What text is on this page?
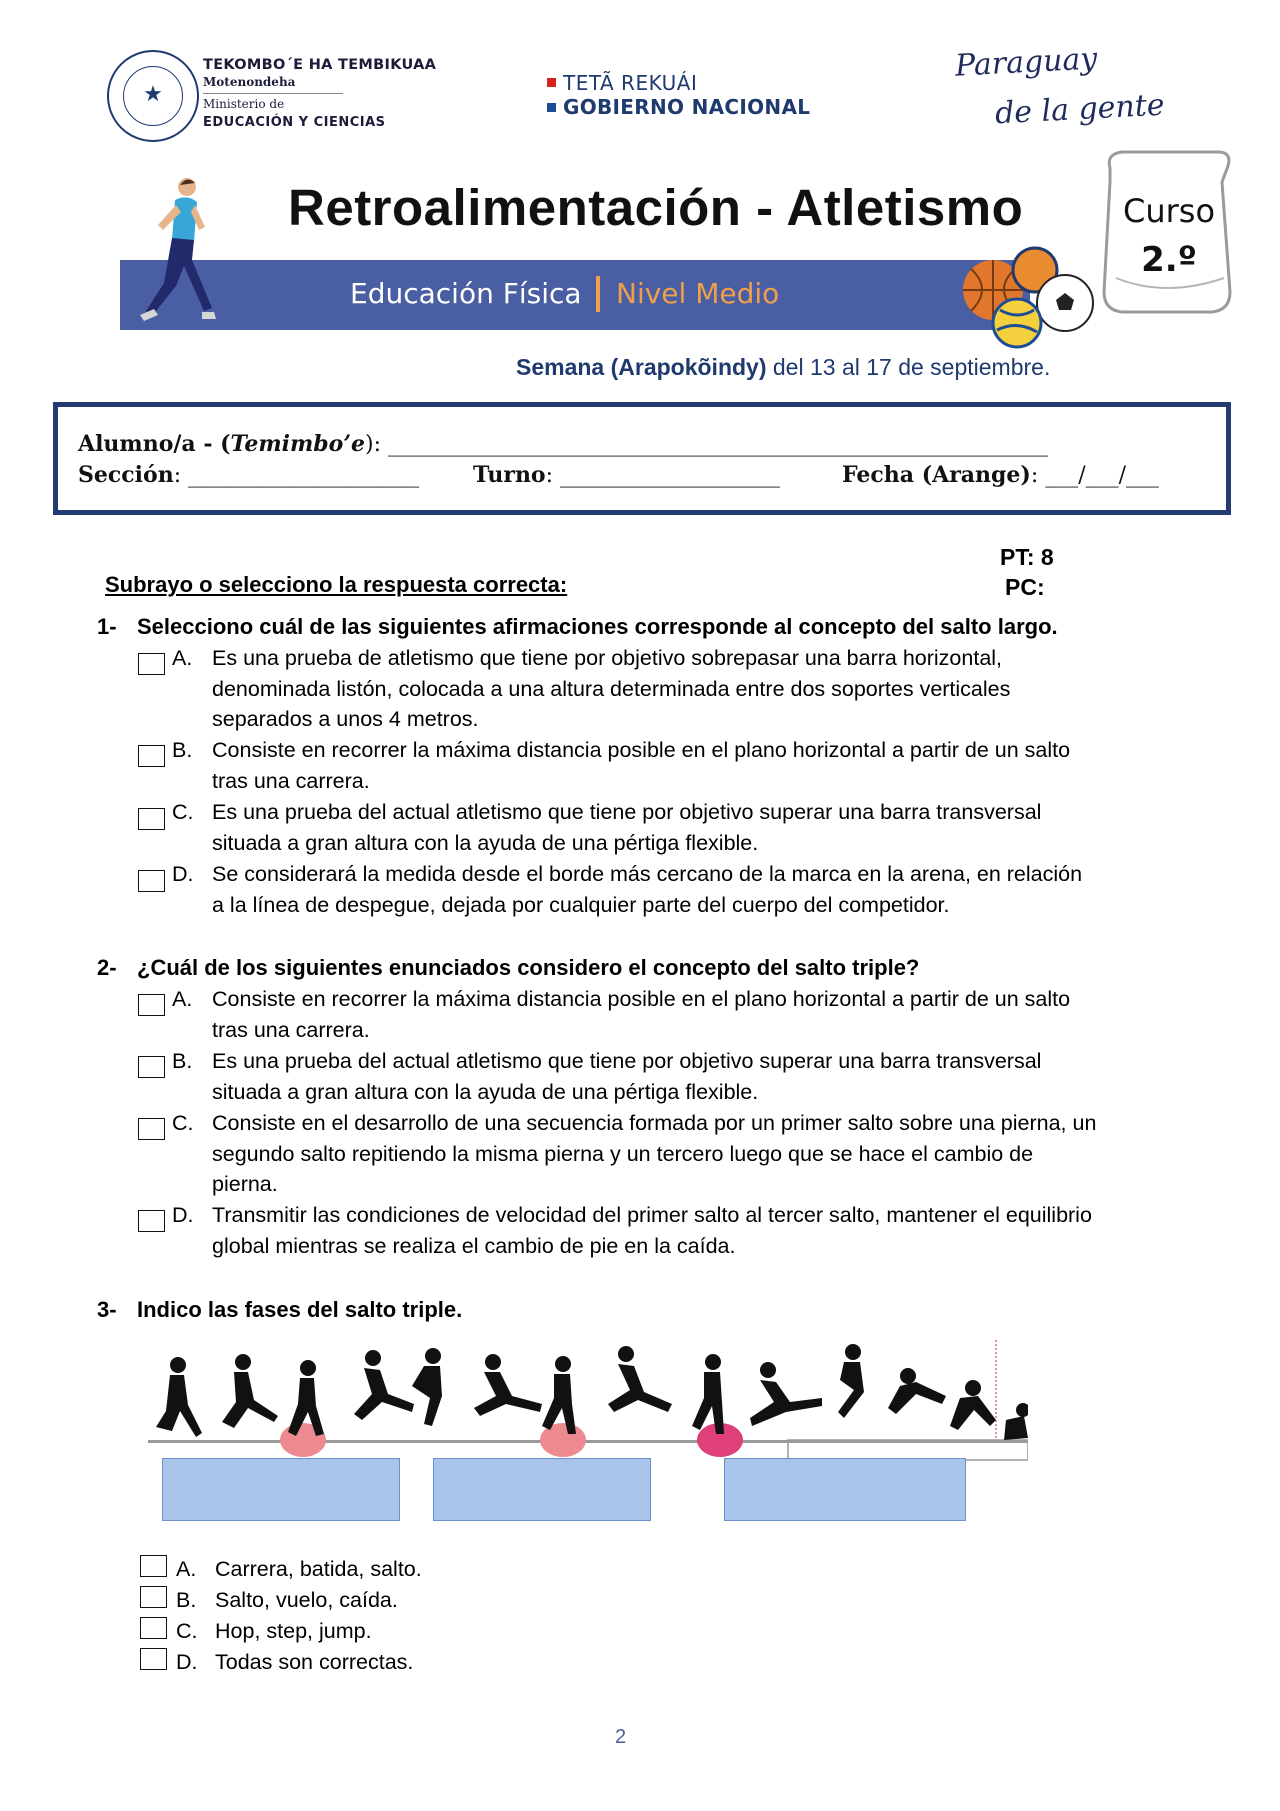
★
TEKOMBO´E HA TEMBIKUAA
Motenondeha
Ministerio de
EDUCACIÓN Y CIENCIAS
TETÃ REKUÁI
GOBIERNO NACIONAL
Paraguay
de la gente
Retroalimentación - Atletismo
Educación Física Nivel Medio
Curso
2.º
Semana (Arapokõindy) del 13 al 17 de septiembre.
Alumno/a - (Temimbo’e): ____________________________________________________________
Sección: _____________________ Turno: ____________________	Fecha (Arange): ___/___/___
PT: 8
PC:
Subrayo o selecciono la respuesta correcta:
1- Selecciono cuál de las siguientes afirmaciones corresponde al concepto del salto largo.
A. Es una prueba de atletismo que tiene por objetivo sobrepasar una barra horizontal,
denominada listón, colocada a una altura determinada entre dos soportes verticales
separados a unos 4 metros.
B. Consiste en recorrer la máxima distancia posible en el plano horizontal a partir de un salto
tras una carrera.
C. Es una prueba del actual atletismo que tiene por objetivo superar una barra transversal
situada a gran altura con la ayuda de una pértiga flexible.
D. Se considerará la medida desde el borde más cercano de la marca en la arena, en relación
a la línea de despegue, dejada por cualquier parte del cuerpo del competidor.
2- ¿Cuál de los siguientes enunciados considero el concepto del salto triple?
A. Consiste en recorrer la máxima distancia posible en el plano horizontal a partir de un salto
tras una carrera.
B. Es una prueba del actual atletismo que tiene por objetivo superar una barra transversal
situada a gran altura con la ayuda de una pértiga flexible.
C. Consiste en el desarrollo de una secuencia formada por un primer salto sobre una pierna, un
segundo salto repitiendo la misma pierna y un tercero luego que se hace el cambio de
pierna.
D. Transmitir las condiciones de velocidad del primer salto al tercer salto, mantener el equilibrio
global mientras se realiza el cambio de pie en la caída.
3- Indico las fases del salto triple.
A. Carrera, batida, salto.
B. Salto, vuelo, caída.
C. Hop, step, jump.
D. Todas son correctas.
2
